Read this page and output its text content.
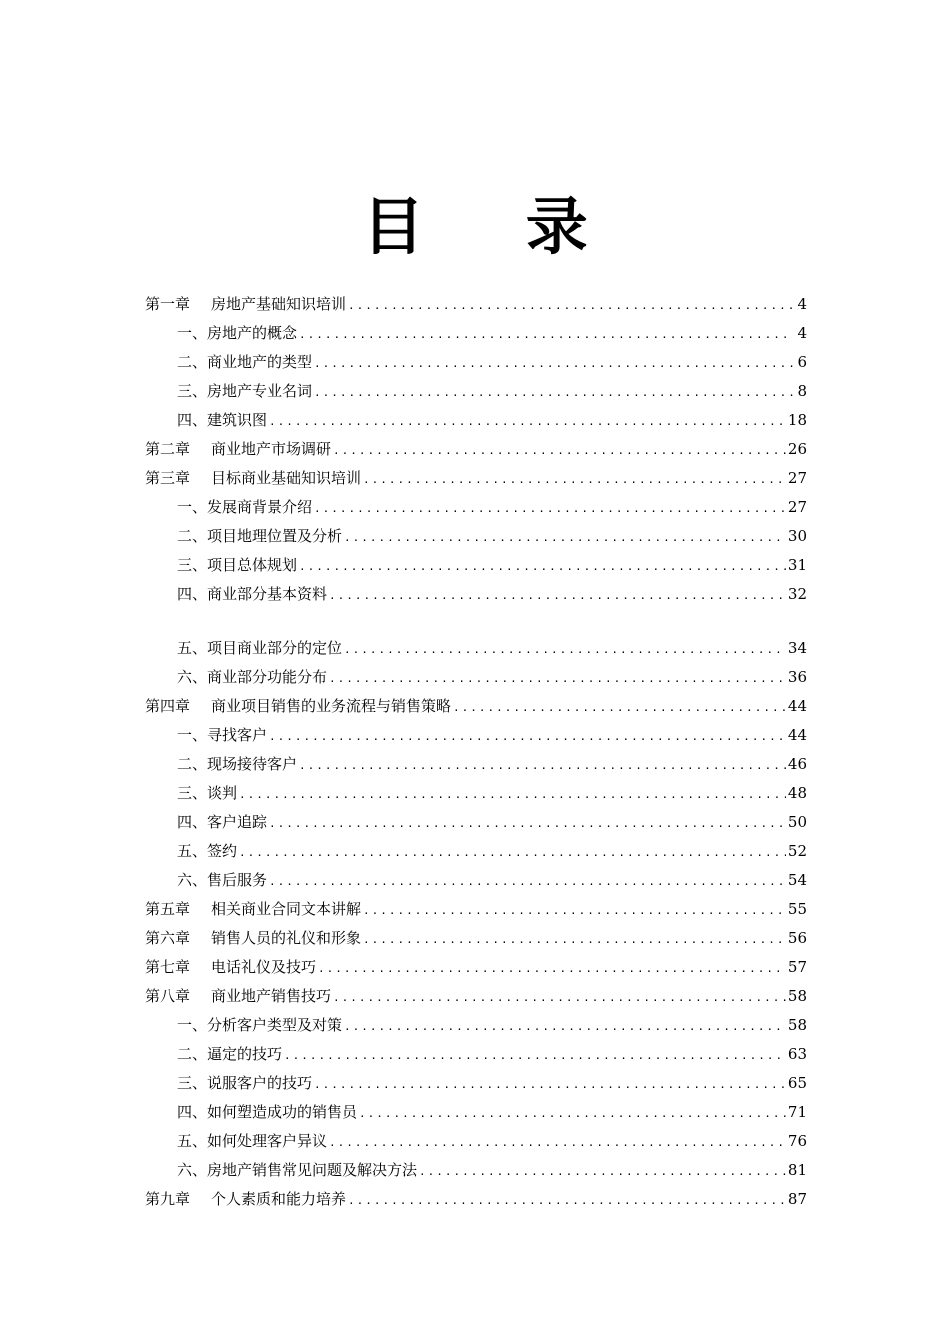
目 录
第一章	房地产基础知识培训 .....	4
一、 房地产的概念 .....	4
二、 商业地产的类型 .....	6
三、 房地产专业名词 .....	8
四、 建筑识图 .....	18
第二章	商业地产市场调研 .....	26
第三章	目标商业基础知识培训 .....	27
一、 发展商背景介绍 .....	27
二、 项目地理位置及分析 .....	30
三、 项目总体规划 .....	31
四、 商业部分基本资料 .....	32
五、 项目商业部分的定位 .....	34
六、 商业部分功能分布 .....	36
第四章	商业项目销售的业务流程与销售策略 .....	44
一、 寻找客户 .....	44
二、 现场接待客户 .....	46
三、 谈判 .....	48
四、 客户追踪 .....	50
五、 签约 .....	52
六、 售后服务 .....	54
第五章	相关商业合同文本讲解 .....	55
第六章	销售人员的礼仪和形象 .....	56
第七章	电话礼仪及技巧 .....	57
第八章	商业地产销售技巧 .....	58
一、 分析客户类型及对策 .....	58
二、 逼定的技巧 .....	63
三、 说服客户的技巧 .....	65
四、 如何塑造成功的销售员 .....	71
五、 如何处理客户异议 .....	76
六、 房地产销售常见问题及解决方法 .....	81
第九章	个人素质和能力培养 .....	87
